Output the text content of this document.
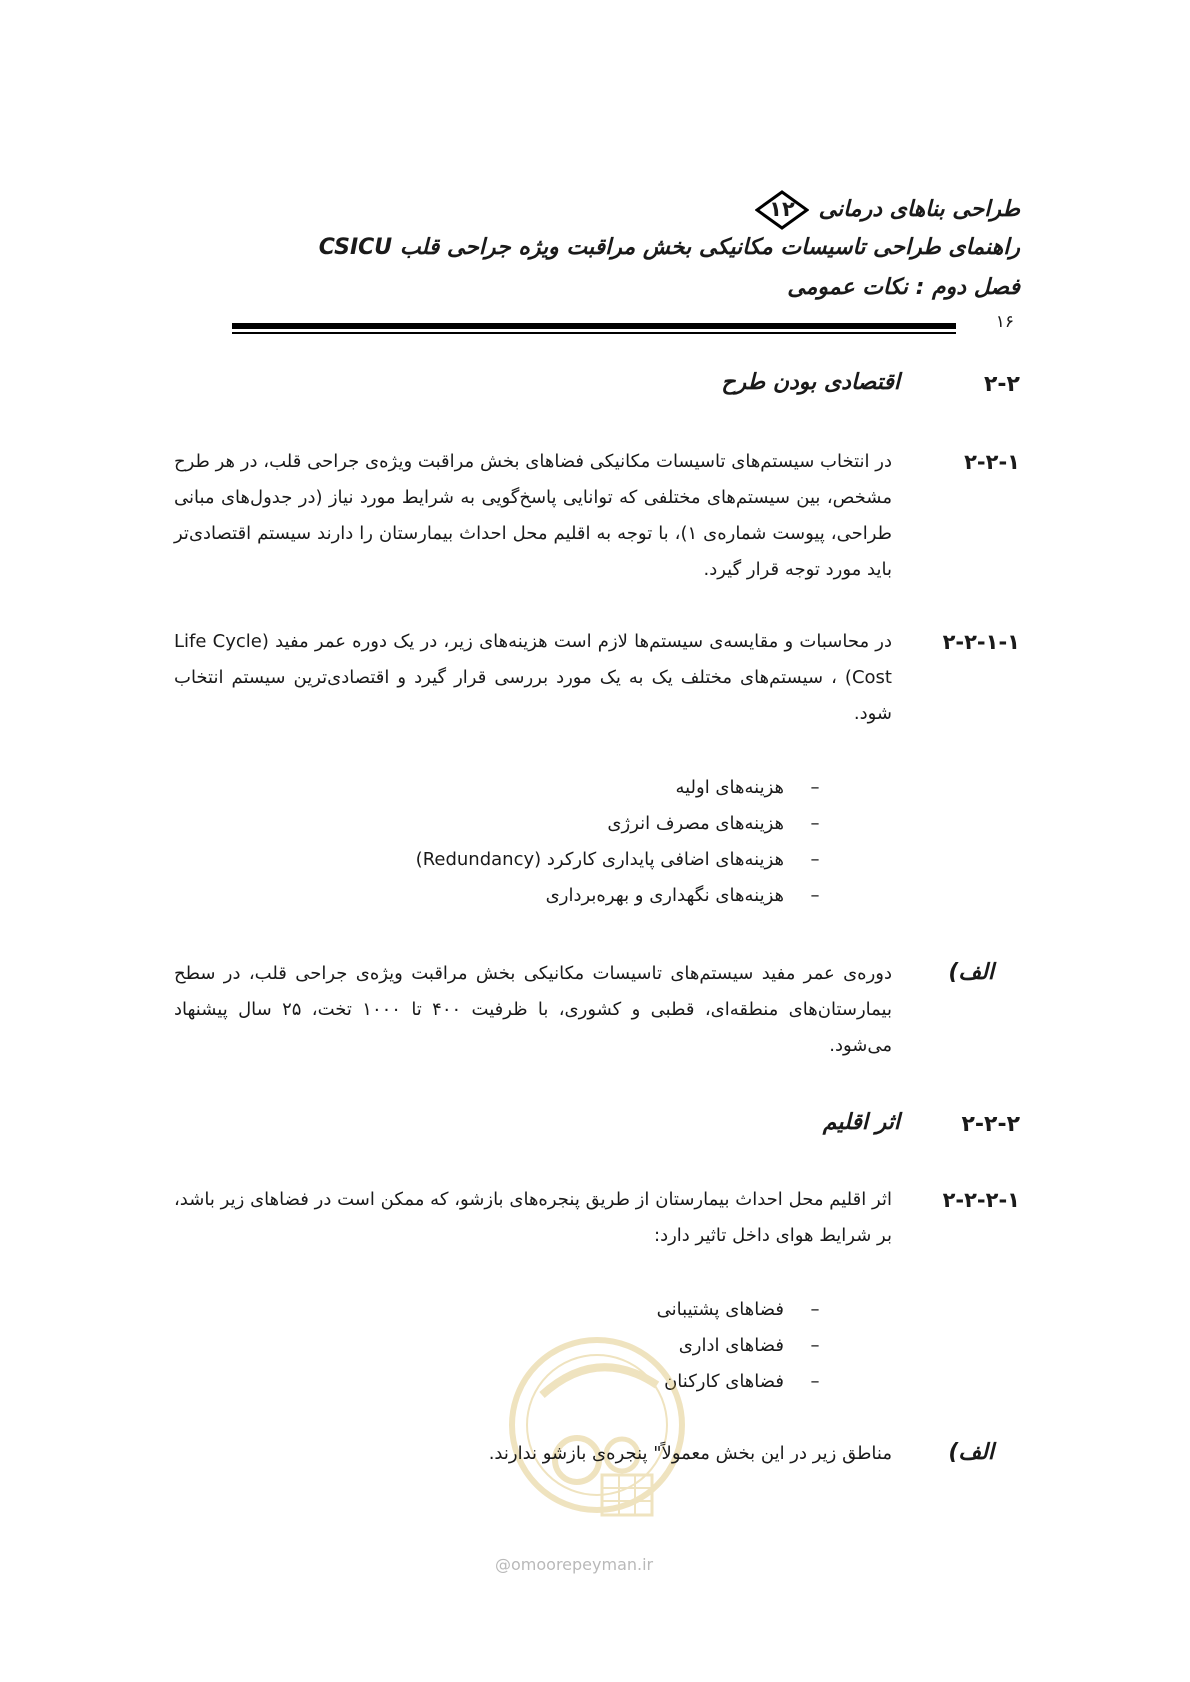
طراحی بناهای درمانی
۱۲
راهنمای طراحی تاسیسات مکانیکی بخش مراقبت ویژه جراحی قلب CSICU
فصل دوم : نکات عمومی
۱۶
۲-۲
اقتصادی بودن طرح
۲-۲-۱
در انتخاب سیستم‌های تاسیسات مکانیکی فضاهای بخش مراقبت ویژه‌ی جراحی قلب، در هر طرح مشخص، بین سیستم‌های مختلفی که توانایی پاسخ‌گویی به شرایط مورد نیاز (در جدول‌های مبانی طراحی، پیوست شماره‌ی ۱)، با توجه به اقلیم محل احداث بیمارستان را دارند سیستم اقتصادی‌تر باید مورد توجه قرار گیرد.
۲-۲-۱-۱
در محاسبات و مقایسه‌ی سیستم‌ها لازم است هزینه‌های زیر، در یک دوره عمر مفید (Life Cycle Cost) ، سیستم‌های مختلف یک به یک مورد بررسی قرار گیرد و اقتصادی‌ترین سیستم انتخاب شود.
–هزینه‌های اولیه
–هزینه‌های مصرف انرژی
–هزینه‌های اضافی پایداری کارکرد (Redundancy)
–هزینه‌های نگهداری و بهره‌برداری
الف)
دوره‌ی عمر مفید سیستم‌های تاسیسات مکانیکی بخش مراقبت ویژه‌ی جراحی قلب، در سطح بیمارستان‌های منطقه‌ای، قطبی و کشوری، با ظرفیت ۴۰۰ تا ۱۰۰۰ تخت، ۲۵ سال پیشنهاد می‌شود.
۲-۲-۲
اثر اقلیم
۲-۲-۲-۱
اثر اقلیم محل احداث بیمارستان از طریق پنجره‌های بازشو، که ممکن است در فضاهای زیر باشد، بر شرایط هوای داخل تاثیر دارد:
–فضاهای پشتیبانی
–فضاهای اداری
–فضاهای کارکنان
الف)
مناطق زیر در این بخش معمولاً" پنجره‌ی بازشو ندارند.
@omoorepeyman.ir
